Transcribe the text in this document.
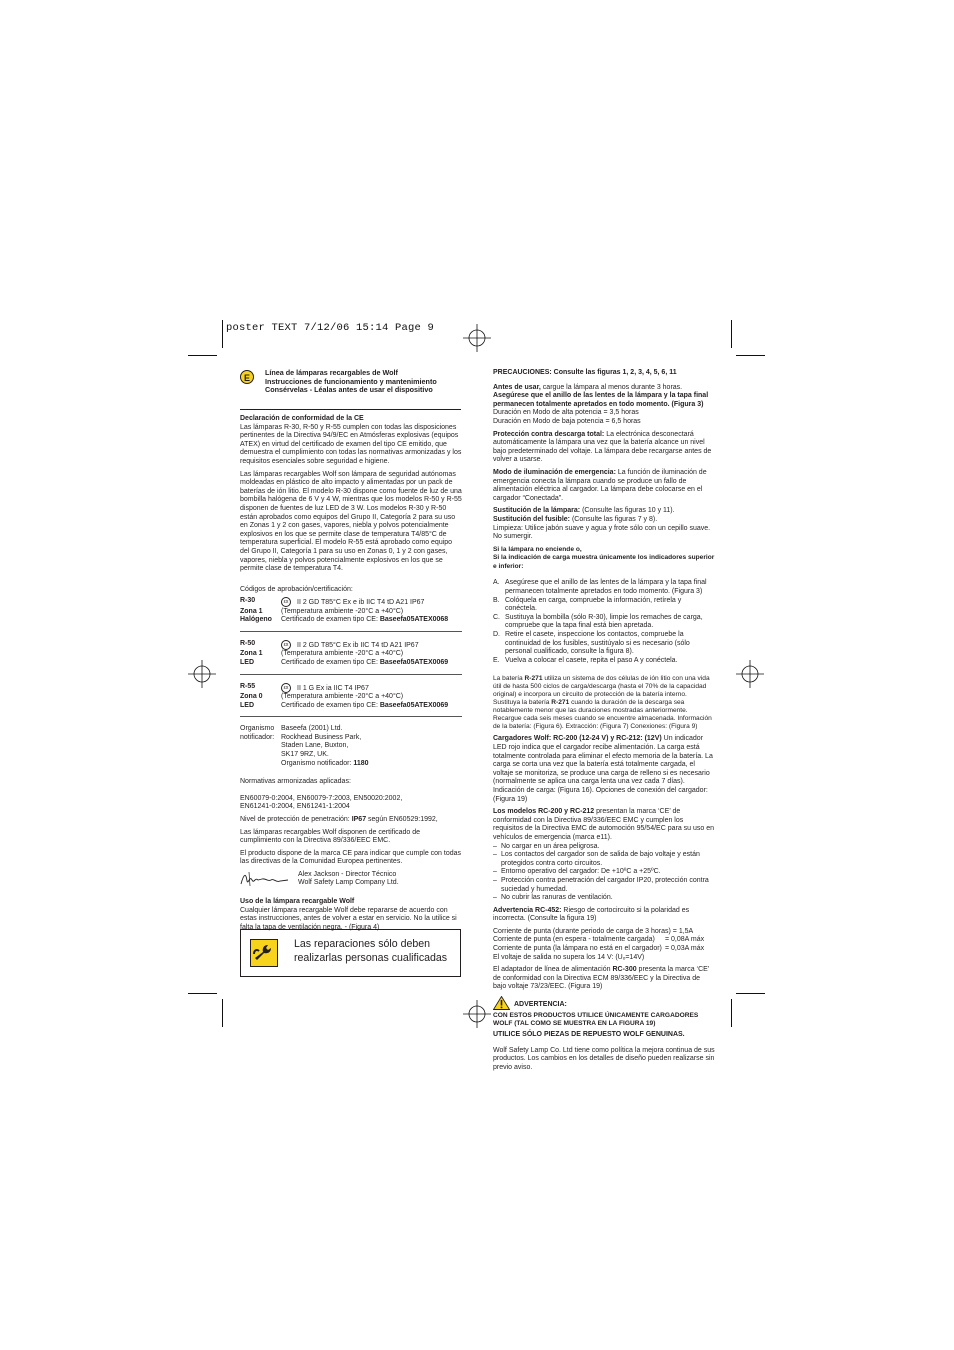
poster TEXT 7/12/06 15:14 Page 9
E
Línea de lámparas recargables de Wolf
Instrucciones de funcionamiento y mantenimiento
Consérvelas - Léalas antes de usar el dispositivo
Declaración de conformidad de la CE

Las lámparas R-30, R-50 y R-55 cumplen con todas las disposiciones pertinentes de la Directiva 94/9/EC en Atmósferas explosivas (equipos ATEX) en virtud del certificado de examen del tipo CE emitido, que demuestra el cumplimiento con todas las normativas armonizadas y los requisitos esenciales sobre seguridad e higiene.

Las lámparas recargables Wolf son lámpara de seguridad autónomas moldeadas en plástico de alto impacto y alimentadas por un pack de baterías de ión litio. El modelo R-30 dispone como fuente de luz de una bombilla halógena de 6 V y 4 W, mientras que los modelos R-50 y R-55 disponen de fuentes de luz LED de 3 W. Los modelos R-30 y R-50 están aprobados como equipos del Grupo II, Categoría 2 para su uso en Zonas 1 y 2 con gases, vapores, niebla y polvos potencialmente explosivos en los que se permite clase de temperatura T4/85°C de temperatura superficial. El modelo R-55 está aprobado como equipo del Grupo II, Categoría 1 para su uso en Zonas 0, 1 y 2 con gases, vapores, niebla y polvos potencialmente explosivos en los que se permite clase de temperatura T4.

Códigos de aprobación/certificación:

R-30	εx II 2 GD T85°C Ex e ib IIC T4 tD A21 IP67
Zona 1	(Temperatura ambiente -20°C a +40°C)
Halógeno	Certificado de examen tipo CE: Baseefa05ATEX0068
R-50	εx II 2 GD T85°C Ex ib IIC T4 tD A21 IP67
Zona 1	(Temperatura ambiente -20°C a +40°C)
LED	Certificado de examen tipo CE: Baseefa05ATEX0069
R-55	εx II 1 G Ex ia IIC T4 IP67
Zona 0	(Temperatura ambiente -20°C a +40°C)
LED	Certificado de examen tipo CE: Baseefa05ATEX0069
Organismo
notificador:
Baseefa (2001) Ltd.
Rockhead Business Park,
Staden Lane, Buxton,
SK17 9RZ, UK.
Organismo notificador: 1180

Normativas armonizadas aplicadas:

EN60079-0:2004, EN60079-7:2003, EN50020:2002,
EN61241-0:2004, EN61241-1:2004

Nivel de protección de penetración: IP67 según EN60529:1992,

Las lámparas recargables Wolf disponen de certificado de cumplimiento con la Directiva 89/336/EEC EMC.

El producto dispone de la marca CE para indicar que cumple con todas las directivas de la Comunidad Europea pertinentes.

Alex Jackson - Director Técnico
Wolf Safety Lamp Company Ltd.
Uso de la lámpara recargable Wolf

Cualquier lámpara recargable Wolf debe repararse de acuerdo con estas instrucciones, antes de volver a estar en servicio. No la utilice si falta la tapa de ventilación negra. - (Figura 4)

Las reparaciones sólo deben
realizarlas personas cualificadas

PRECAUCIONES: Consulte las figuras 1, 2, 3, 4, 5, 6, 11

Antes de usar, cargue la lámpara al menos durante 3 horas.
Asegúrese que el anillo de las lentes de la lámpara y la tapa final permanecen totalmente apretados en todo momento. (Figura 3)
Duración en Modo de alta potencia = 3,5 horas

Duración en Modo de baja potencia = 6,5 horas

Protección contra descarga total: La electrónica desconectará automáticamente la lámpara una vez que la batería alcance un nivel bajo predeterminado del voltaje. La lámpara debe recargarse antes de volver a usarse.

Modo de iluminación de emergencia: La función de iluminación de emergencia conecta la lámpara cuando se produce un fallo de alimentación eléctrica al cargador. La lámpara debe colocarse en el cargador “Conectada”.

Sustitución de la lámpara: (Consulte las figuras 10 y 11).
Sustitución del fusible: (Consulte las figuras 7 y 8).

Limpieza: Utilice jabón suave y agua y frote sólo con un cepillo suave. No sumergir.

Si la lámpara no enciende o,

Si la indicación de carga muestra únicamente los indicadores superior e inferior:

A. Asegúrese que el anillo de las lentes de la lámpara y la tapa final permanecen totalmente apretados en todo momento. (Figura 3)
B. Colóquela en carga, compruebe la información, retírela y conéctela.
C. Sustituya la bombilla (sólo R-30), limpie los remaches de carga, compruebe que la tapa final está bien apretada.
D. Retire el casete, inspeccione los contactos, compruebe la continuidad de los fusibles, sustitúyalo si es necesario (sólo personal cualificado, consulte la figura 8).
E. Vuelva a colocar el casete, repita el paso A y conéctela.

La batería R-271 utiliza un sistema de dos células de ión litio con una vida útil de hasta 500 ciclos de carga/descarga (hasta el 70% de la capacidad original) e incorpora un circuito de protección de la batería interno. Sustituya la batería R-271 cuando la duración de la descarga sea notablemente menor que las duraciones mostradas anteriormente. Recargue cada seis meses cuando se encuentre almacenada. Información de la batería: (Figura 6). Extracción: (Figura 7) Conexiones: (Figura 9)

Cargadores Wolf: RC-200 (12-24 V) y RC-212: (12V) Un indicador LED rojo indica que el cargador recibe alimentación. La carga está totalmente controlada para eliminar el efecto memoria de la batería. La carga se corta una vez que la batería está totalmente cargada, el voltaje se monitoriza, se produce una carga de relleno si es necesario (normalmente se aplica una carga lenta una vez cada 7 días). Indicación de carga: (Figura 16). Opciones de conexión del cargador: (Figura 19)

Los modelos RC-200 y RC-212 presentan la marca ‘CE’ de conformidad con la Directiva 89/336/EEC EMC y cumplen los requisitos de la Directiva EMC de automoción 95/54/EC para su uso en vehículos de emergencia (marca e11).
– No cargar en un área peligrosa.
– Los contactos del cargador son de salida de bajo voltaje y están protegidos contra corto circuitos.
– Entorno operativo del cargador: De +10ºC a +25ºC.
– Protección contra penetración del cargador IP20, protección contra suciedad y humedad.
– No cubrir las ranuras de ventilación.

Advertencia RC-452: Riesgo de cortocircuito si la polaridad es incorrecta. (Consulte la figura 19)

Corriente de punta (durante periodo de carga de 3 horas) = 1,5A
Corriente de punta (en espera - totalmente cargada)	= 0,08A máx
Corriente de punta (la lámpara no está en el cargador) = 0,03A máx

El voltaje de salida no supera los 14 V: (Uₒ=14V)

El adaptador de línea de alimentación RC-300 presenta la marca ‘CE’ de conformidad con la Directiva ECM 89/336/EEC y la Directiva de bajo voltaje 73/23/EEC. (Figura 19)

ADVERTENCIA:
CON ESTOS PRODUCTOS UTILICE ÚNICAMENTE CARGADORES WOLF (TAL COMO SE MUESTRA EN LA FIGURA 19)

UTILICE SÓLO PIEZAS DE REPUESTO WOLF GENUINAS.

Wolf Safety Lamp Co. Ltd tiene como política la mejora continua de sus productos. Los cambios en los detalles de diseño pueden realizarse sin previo aviso.
